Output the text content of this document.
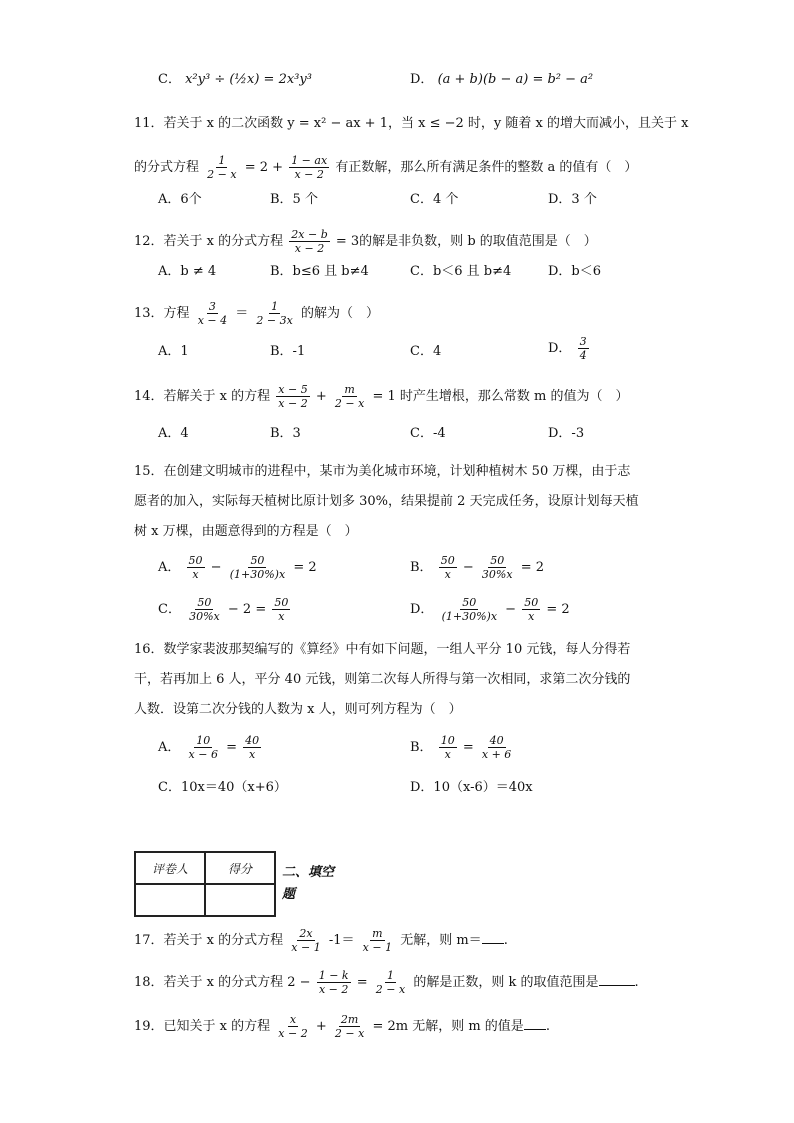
C． x²y³ ÷ (½x) = 2x³y³	D． (a + b)(b − a) = b² − a²
11．若关于 x 的二次函数 y = x² − ax + 1，当 x ≤ −2 时，y 随着 x 的增大而减小，且关于 x
的分式方程 $\frac{1}{2 - x} = 2 + \frac{1 - ax}{x - 2}$ 有正数解，那么所有满足条件的整数 a 的值有（　）
A．6个	B．5 个	C．4 个	D．3 个
12．若关于 x 的分式方程 $\frac{2x - b}{x - 2} = 3$的解是非负数，则 b 的取值范围是（　）
A．b ≠ 4	B．b≤6 且 b≠4	C．b＜6 且 b≠4	D．b＜6
13．方程 $\frac{3}{x - 4} = \frac{1}{2 - 3x}$ 的解为（　）
A．1	B．-1	C．4	D． $\frac{3}{4}$
14．若解关于 x 的方程 $\frac{x - 5}{x - 2} + \frac{m}{2 - x} = 1$ 时产生增根，那么常数 m 的值为（　）
A．4	B．3	C．-4	D．-3
15．在创建文明城市的进程中，某市为美化城市环境，计划种植树木 50 万棵，由于志
愿者的加入，实际每天植树比原计划多 30%，结果提前 2 天完成任务，设原计划每天植
树 x 万棵，由题意得到的方程是（　）
A． $\frac{50}{x} - \frac{50}{(1+30\%)x} = 2$	B． $\frac{50}{x} - \frac{50}{30\%x} = 2$
C． $\frac{50}{30\%x} - 2 = \frac{50}{x}$	D． $\frac{50}{(1+30\%)x} - \frac{50}{x} = 2$
16．数学家裴波那契编写的《算经》中有如下问题，一组人平分 10 元钱，每人分得若
干，若再加上 6 人，平分 40 元钱，则第二次每人所得与第一次相同，求第二次分钱的
人数．设第二次分钱的人数为 x 人，则可列方程为（　）
A． $\frac{10}{x - 6} = \frac{40}{x}$	B． $\frac{10}{x} = \frac{40}{x + 6}$
C．10x＝40（x+6）	D．10（x-6）＝40x
评卷人	得分
	二、填空
题
17．若关于 x 的分式方程 $\frac{2x}{x - 1} -1= \frac{m}{x - 1}$ 无解，则 m＝ .
18．若关于 x 的分式方程 $2 - \frac{1 - k}{x - 2} = \frac{1}{2 - x}$ 的解是正数，则 k 的取值范围是	.
19．已知关于 x 的方程 $\frac{x}{x - 2} + \frac{2m}{2 - x} = 2m$ 无解，则 m 的值是 .
